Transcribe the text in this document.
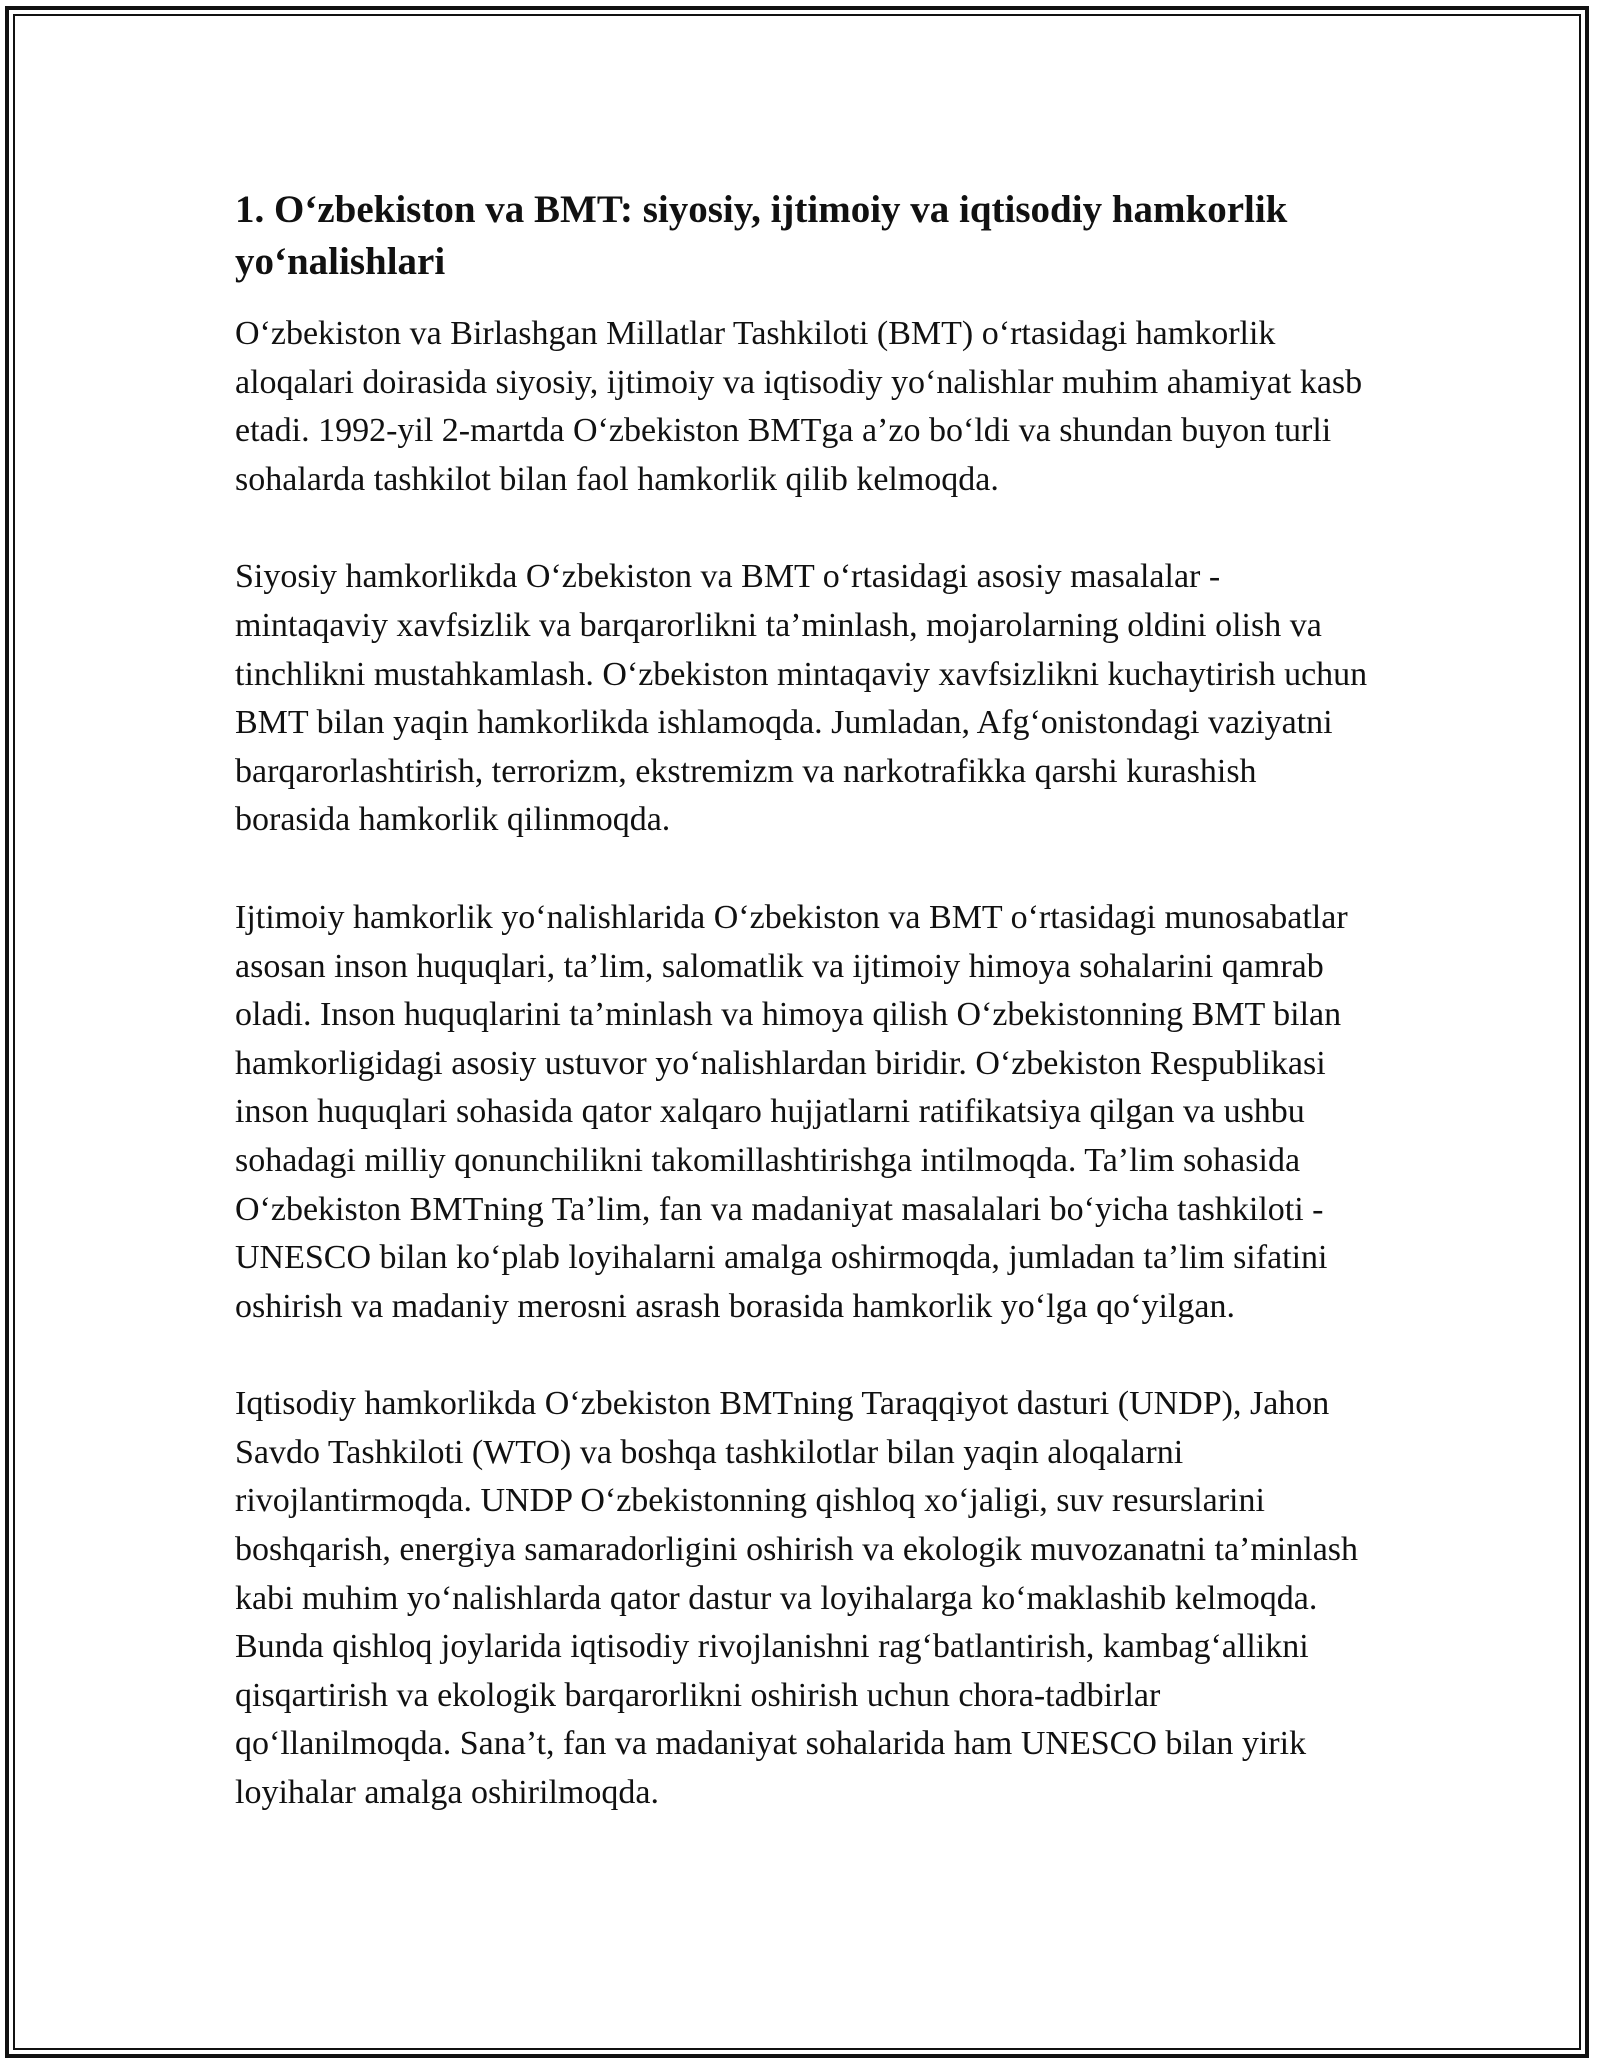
1. O‘zbekiston va BMT: siyosiy, ijtimoiy va iqtisodiy hamkorlik yo‘nalishlari

O‘zbekiston va Birlashgan Millatlar Tashkiloti (BMT) o‘rtasidagi hamkorlik aloqalari doirasida siyosiy, ijtimoiy va iqtisodiy yo‘nalishlar muhim ahamiyat kasb etadi. 1992-yil 2-martda O‘zbekiston BMTga a’zo bo‘ldi va shundan buyon turli sohalarda tashkilot bilan faol hamkorlik qilib kelmoqda.

Siyosiy hamkorlikda O‘zbekiston va BMT o‘rtasidagi asosiy masalalar - mintaqaviy xavfsizlik va barqarorlikni ta’minlash, mojarolarning oldini olish va tinchlikni mustahkamlash. O‘zbekiston mintaqaviy xavfsizlikni kuchaytirish uchun BMT bilan yaqin hamkorlikda ishlamoqda. Jumladan, Afg‘onistondagi vaziyatni barqarorlashtirish, terrorizm, ekstremizm va narkotrafikka qarshi kurashish borasida hamkorlik qilinmoqda.

Ijtimoiy hamkorlik yo‘nalishlarida O‘zbekiston va BMT o‘rtasidagi munosabatlar asosan inson huquqlari, ta’lim, salomatlik va ijtimoiy himoya sohalarini qamrab oladi. Inson huquqlarini ta’minlash va himoya qilish O‘zbekistonning BMT bilan hamkorligidagi asosiy ustuvor yo‘nalishlardan biridir. O‘zbekiston Respublikasi inson huquqlari sohasida qator xalqaro hujjatlarni ratifikatsiya qilgan va ushbu sohadagi milliy qonunchilikni takomillashtirishga intilmoqda. Ta’lim sohasida O‘zbekiston BMTning Ta’lim, fan va madaniyat masalalari bo‘yicha tashkiloti - UNESCO bilan ko‘plab loyihalarni amalga oshirmoqda, jumladan ta’lim sifatini oshirish va madaniy merosni asrash borasida hamkorlik yo‘lga qo‘yilgan.

Iqtisodiy hamkorlikda O‘zbekiston BMTning Taraqqiyot dasturi (UNDP), Jahon Savdo Tashkiloti (WTO) va boshqa tashkilotlar bilan yaqin aloqalarni rivojlantirmoqda. UNDP O‘zbekistonning qishloq xo‘jaligi, suv resurslarini boshqarish, energiya samaradorligini oshirish va ekologik muvozanatni ta’minlash kabi muhim yo‘nalishlarda qator dastur va loyihalarga ko‘maklashib kelmoqda. Bunda qishloq joylarida iqtisodiy rivojlanishni rag‘batlantirish, kambag‘allikni qisqartirish va ekologik barqarorlikni oshirish uchun chora-tadbirlar qo‘llanilmoqda. Sana’t, fan va madaniyat sohalarida ham UNESCO bilan yirik loyihalar amalga oshirilmoqda.
